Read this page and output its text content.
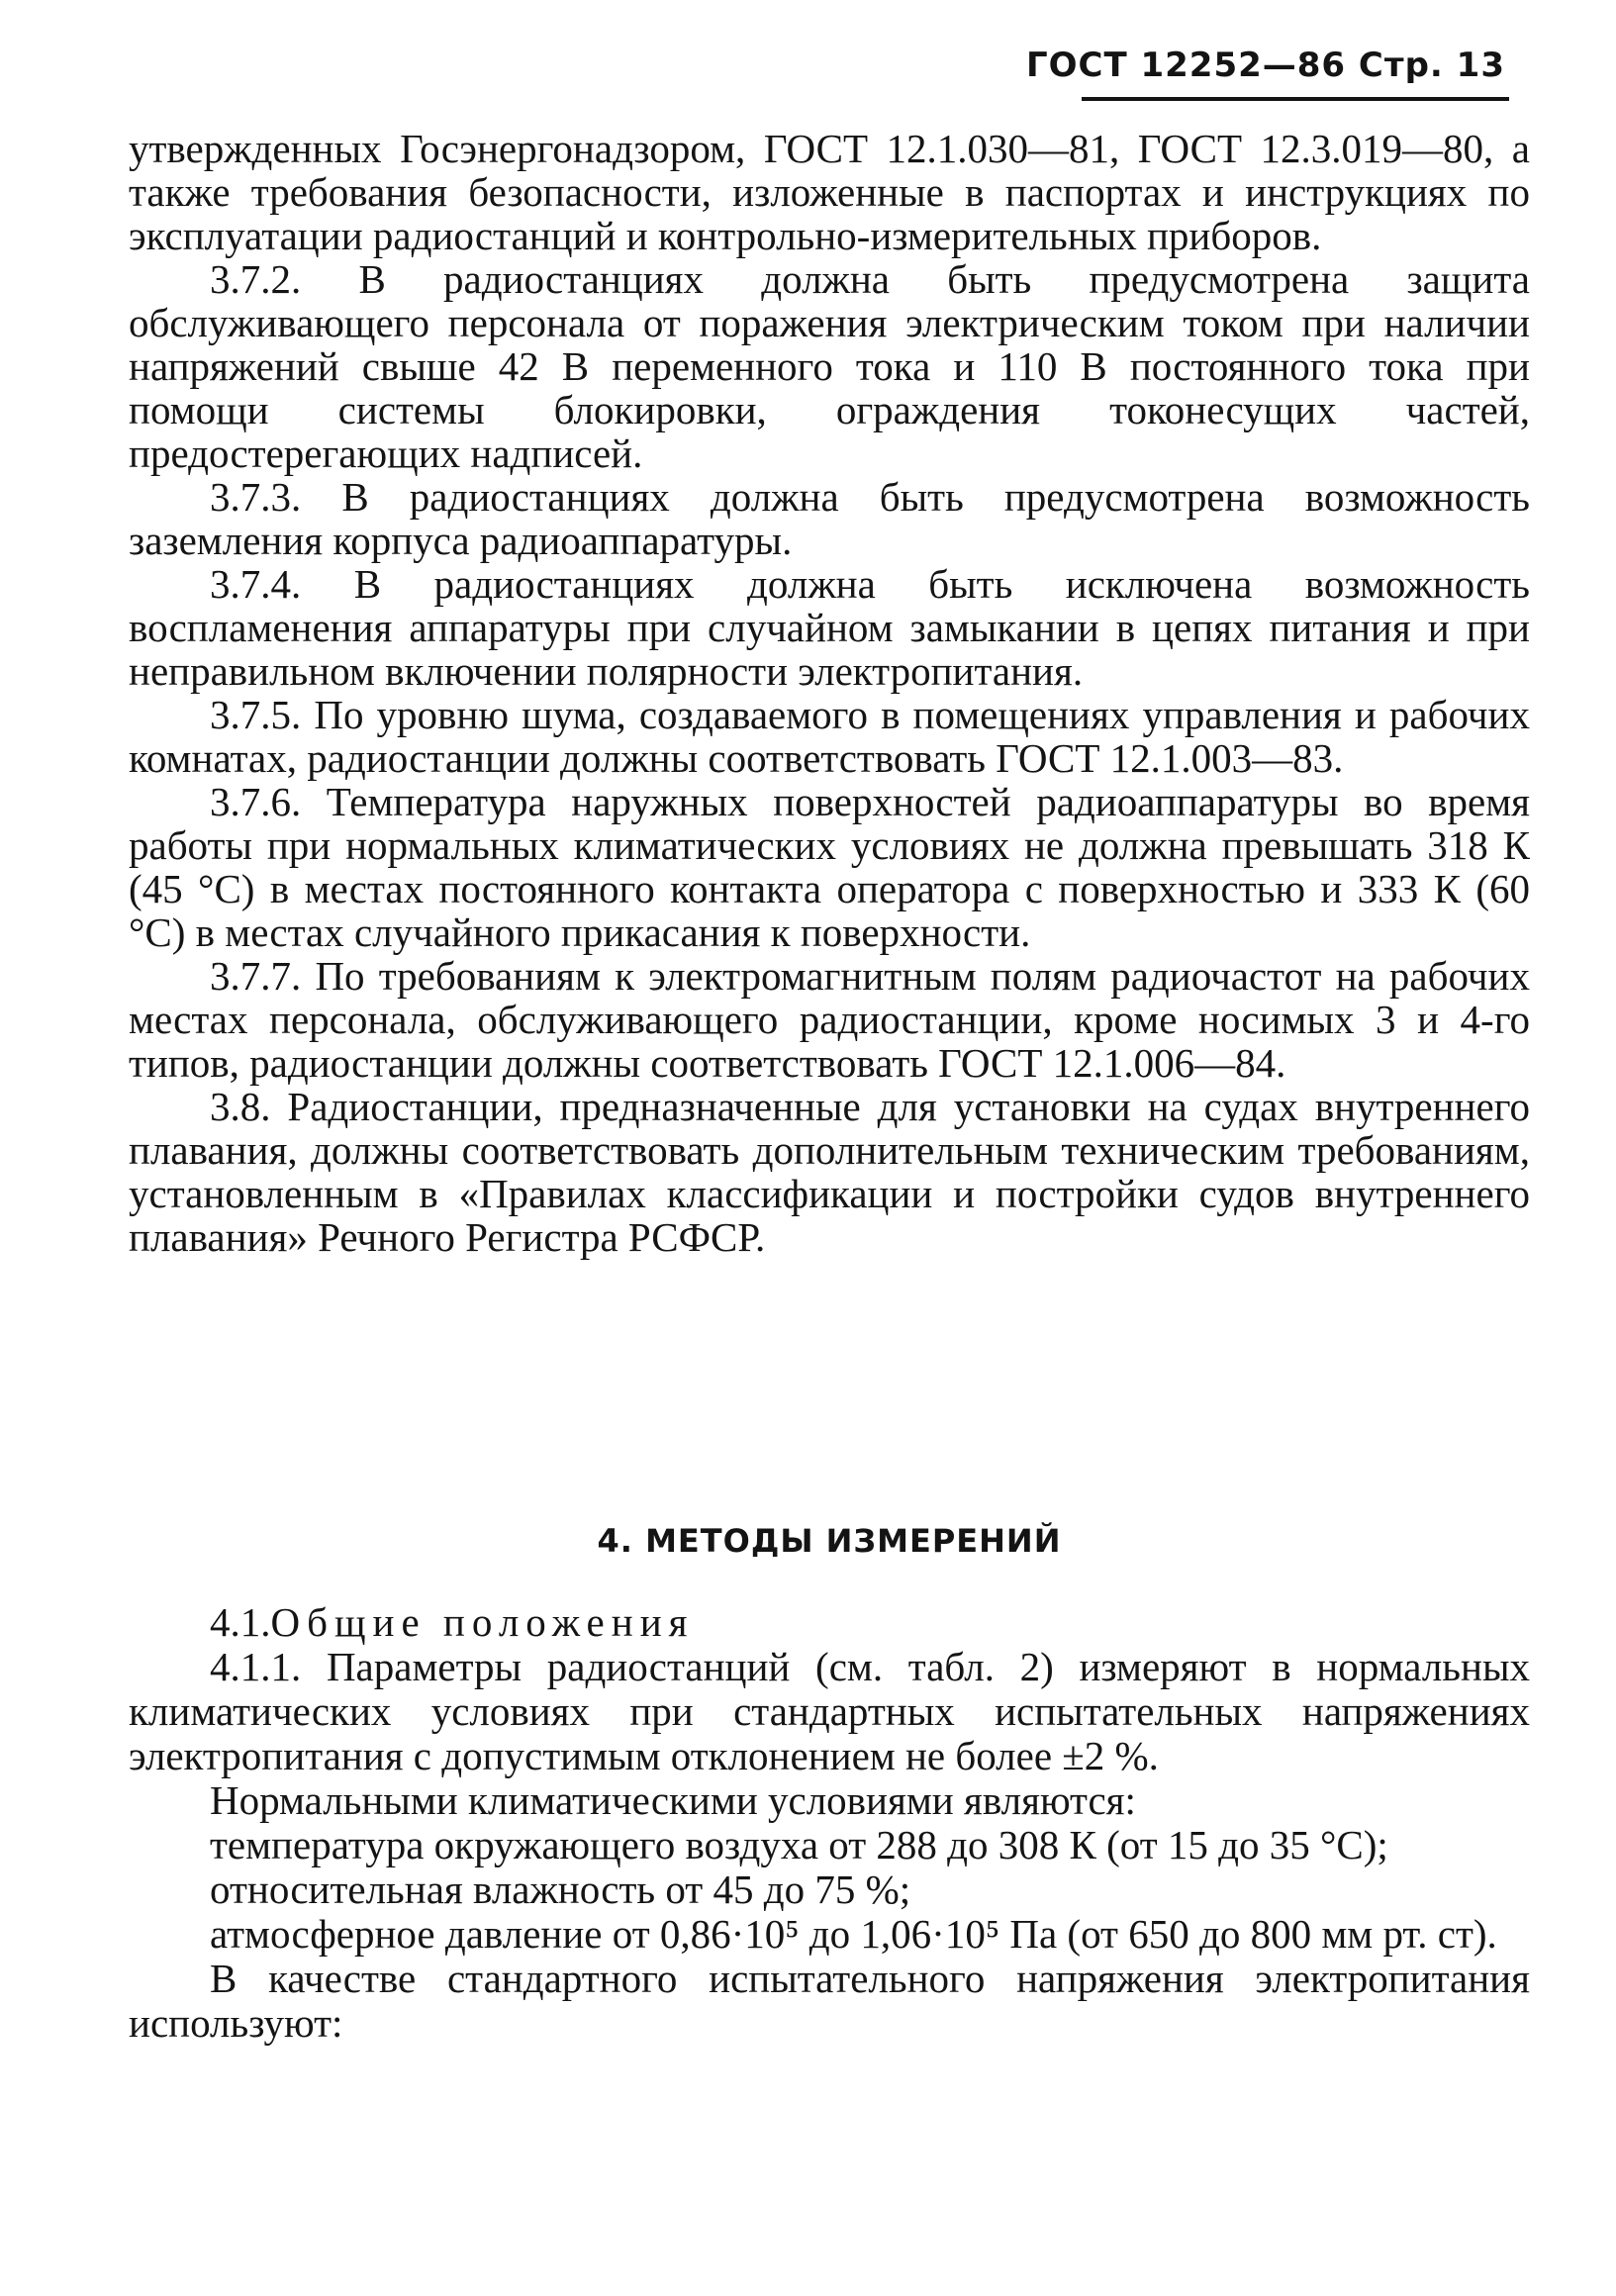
ГОСТ 12252—86 Стр. 13

утвержденных Госэнергонадзором, ГОСТ 12.1.030—81, ГОСТ 12.3.019—80, а также требования безопасности, изложенные в паспортах и инструкциях по эксплуатации радиостанций и контрольно-измерительных приборов.

3.7.2. В радиостанциях должна быть предусмотрена защита обслуживающего персонала от поражения электрическим током при наличии напряжений свыше 42 В переменного тока и 110 В постоянного тока при помощи системы блокировки, ограждения токонесущих частей, предостерегающих надписей.

3.7.3. В радиостанциях должна быть предусмотрена возможность заземления корпуса радиоаппаратуры.

3.7.4. В радиостанциях должна быть исключена возможность воспламенения аппаратуры при случайном замыкании в цепях питания и при неправильном включении полярности электропитания.

3.7.5. По уровню шума, создаваемого в помещениях управления и рабочих комнатах, радиостанции должны соответствовать ГОСТ 12.1.003—83.

3.7.6. Температура наружных поверхностей радиоаппаратуры во время работы при нормальных климатических условиях не должна превышать 318 К (45 °С) в местах постоянного контакта оператора с поверхностью и 333 К (60 °С) в местах случайного прикасания к поверхности.

3.7.7. По требованиям к электромагнитным полям радиочастот на рабочих местах персонала, обслуживающего радиостанции, кроме носимых 3 и 4-го типов, радиостанции должны соответствовать ГОСТ 12.1.006—84.

3.8. Радиостанции, предназначенные для установки на судах внутреннего плавания, должны соответствовать дополнительным техническим требованиям, установленным в «Правилах классификации и постройки судов внутреннего плавания» Речного Регистра РСФСР.

4. МЕТОДЫ ИЗМЕРЕНИЙ

4.1.Общие положения

4.1.1. Параметры радиостанций (см. табл. 2) измеряют в нормальных климатических условиях при стандартных испытательных напряжениях электропитания с допустимым отклонением не более ±2 %.

Нормальными климатическими условиями являются:

температура окружающего воздуха от 288 до 308 К (от 15 до 35 °С);

относительная влажность от 45 до 75 %;

атмосферное давление от 0,86·10⁵ до 1,06·10⁵ Па (от 650 до 800 мм рт. ст).

В качестве стандартного испытательного напряжения электропитания используют:
